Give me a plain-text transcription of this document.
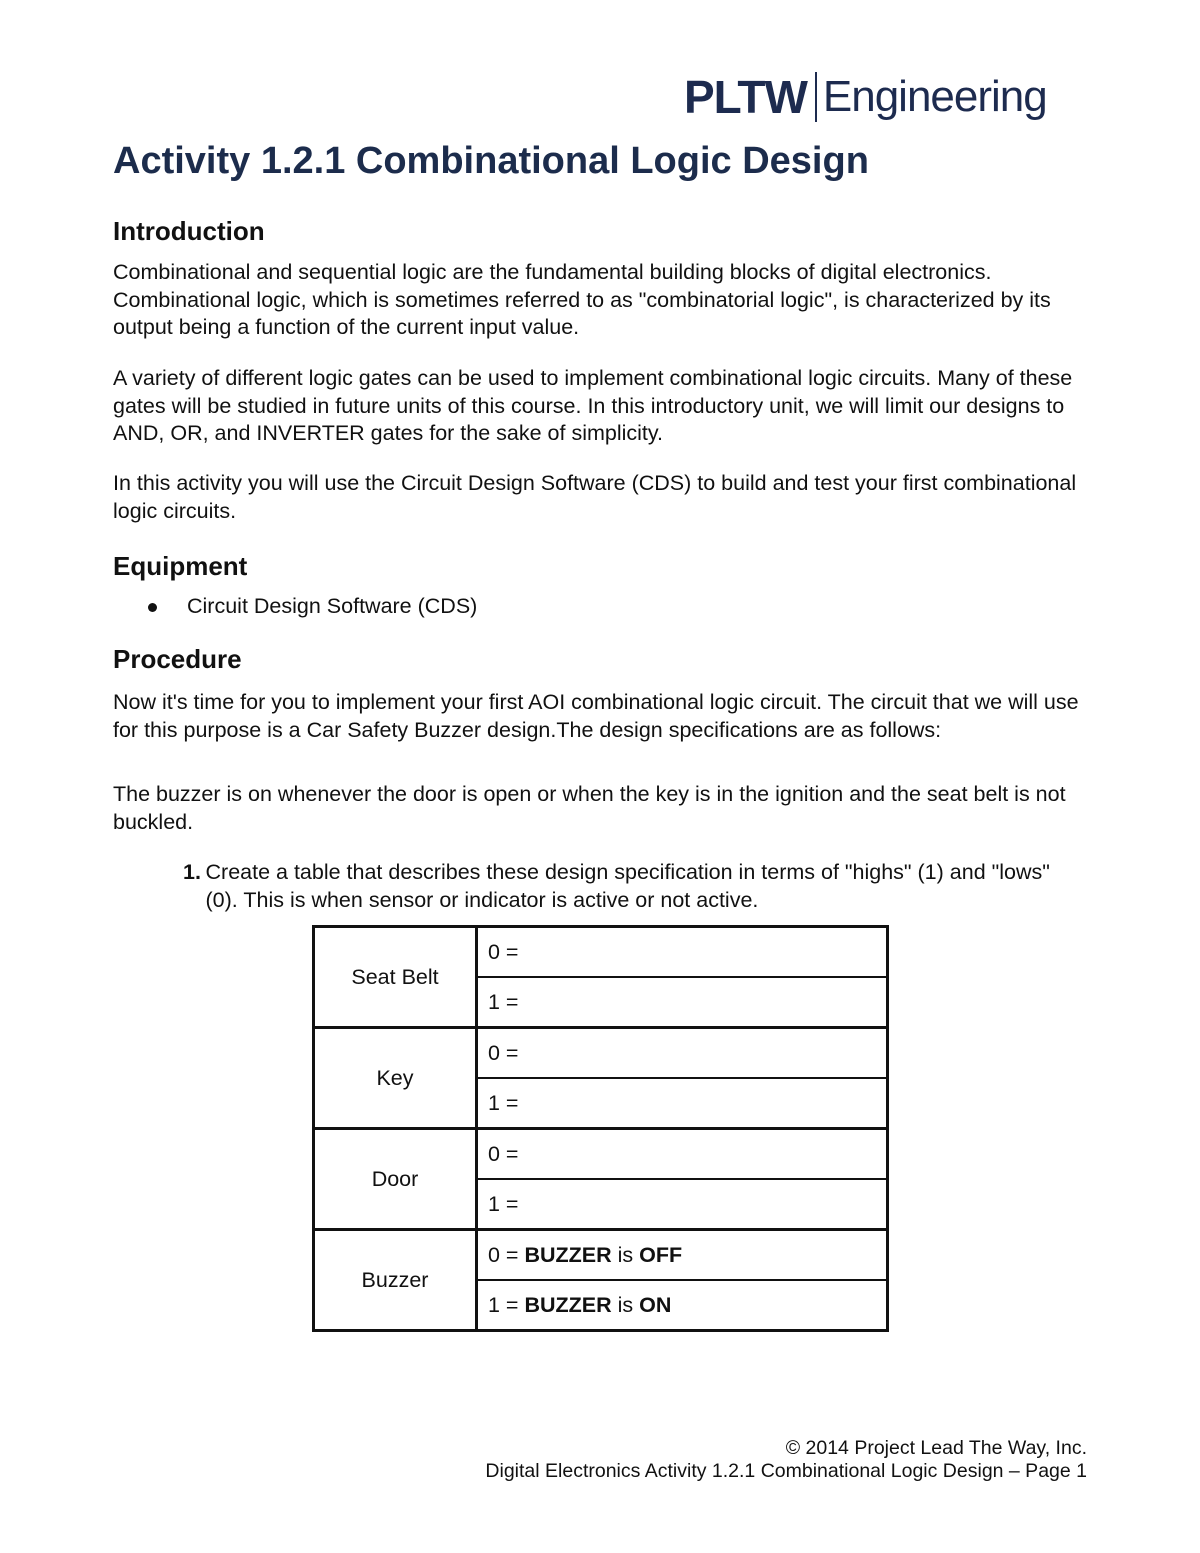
PLTW Engineering
Activity 1.2.1 Combinational Logic Design
Introduction

Combinational and sequential logic are the fundamental building blocks of digital electronics. Combinational logic, which is sometimes referred to as "combinatorial logic", is characterized by its output being a function of the current input value.

A variety of different logic gates can be used to implement combinational logic circuits. Many of these gates will be studied in future units of this course. In this introductory unit, we will limit our designs to AND, OR, and INVERTER gates for the sake of simplicity.

In this activity you will use the Circuit Design Software (CDS) to build and test your first combinational logic circuits.

Equipment
Circuit Design Software (CDS)
Procedure

Now it's time for you to implement your first AOI combinational logic circuit. The circuit that we will use for this purpose is a Car Safety Buzzer design.The design specifications are as follows:

The buzzer is on whenever the door is open or when the key is in the ignition and the seat belt is not buckled.

1. Create a table that describes these design specification in terms of "highs" (1) and "lows" (0). This is when sensor or indicator is active or not active.
Seat Belt	0 =
	1 =
Key	0 =
	1 =
Door	0 =
	1 =
Buzzer	0 = BUZZER is OFF
	1 = BUZZER is ON
© 2014 Project Lead The Way, Inc.
Digital Electronics Activity 1.2.1 Combinational Logic Design – Page 1
